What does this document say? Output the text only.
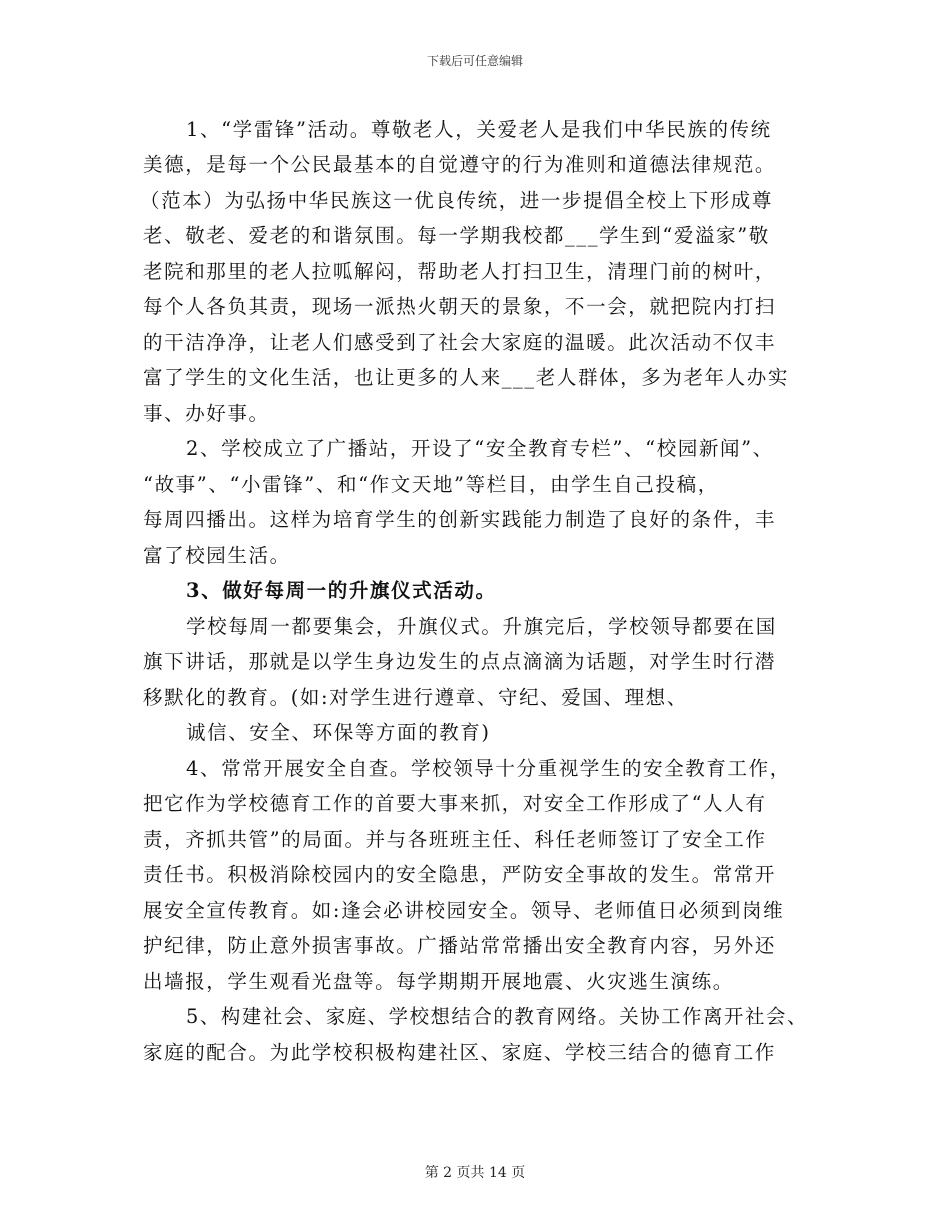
下载后可任意编辑
1、“学雷锋”活动。尊敬老人，关爱老人是我们中华民族的传统
美德，是每一个公民最基本的自觉遵守的行为准则和道德法律规范。
（范本）为弘扬中华民族这一优良传统，进一步提倡全校上下形成尊
老、敬老、爱老的和谐氛围。每一学期我校都___学生到“爱溢家”敬
老院和那里的老人拉呱解闷，帮助老人打扫卫生，清理门前的树叶，
每个人各负其责，现场一派热火朝天的景象，不一会，就把院内打扫
的干洁净净，让老人们感受到了社会大家庭的温暖。此次活动不仅丰
富了学生的文化生活，也让更多的人来___老人群体，多为老年人办实
事、办好事。
2、学校成立了广播站，开设了“安全教育专栏”、“校园新闻”、
“故事”、“小雷锋”、和“作文天地”等栏目，由学生自己投稿，
每周四播出。这样为培育学生的创新实践能力制造了良好的条件，丰
富了校园生活。
3、做好每周一的升旗仪式活动。
学校每周一都要集会，升旗仪式。升旗完后，学校领导都要在国
旗下讲话，那就是以学生身边发生的点点滴滴为话题，对学生时行潜
移默化的教育。(如:对学生进行遵章、守纪、爱国、理想、
诚信、安全、环保等方面的教育)
4、常常开展安全自查。学校领导十分重视学生的安全教育工作，
把它作为学校德育工作的首要大事来抓，对安全工作形成了“人人有
责，齐抓共管”的局面。并与各班班主任、科任老师签订了安全工作
责任书。积极消除校园内的安全隐患，严防安全事故的发生。常常开
展安全宣传教育。如:逢会必讲校园安全。领导、老师值日必须到岗维
护纪律，防止意外损害事故。广播站常常播出安全教育内容，另外还
出墙报，学生观看光盘等。每学期期开展地震、火灾逃生演练。
5、构建社会、家庭、学校想结合的教育网络。关协工作离开社会、
家庭的配合。为此学校积极构建社区、家庭、学校三结合的德育工作
第 2 页共 14 页
